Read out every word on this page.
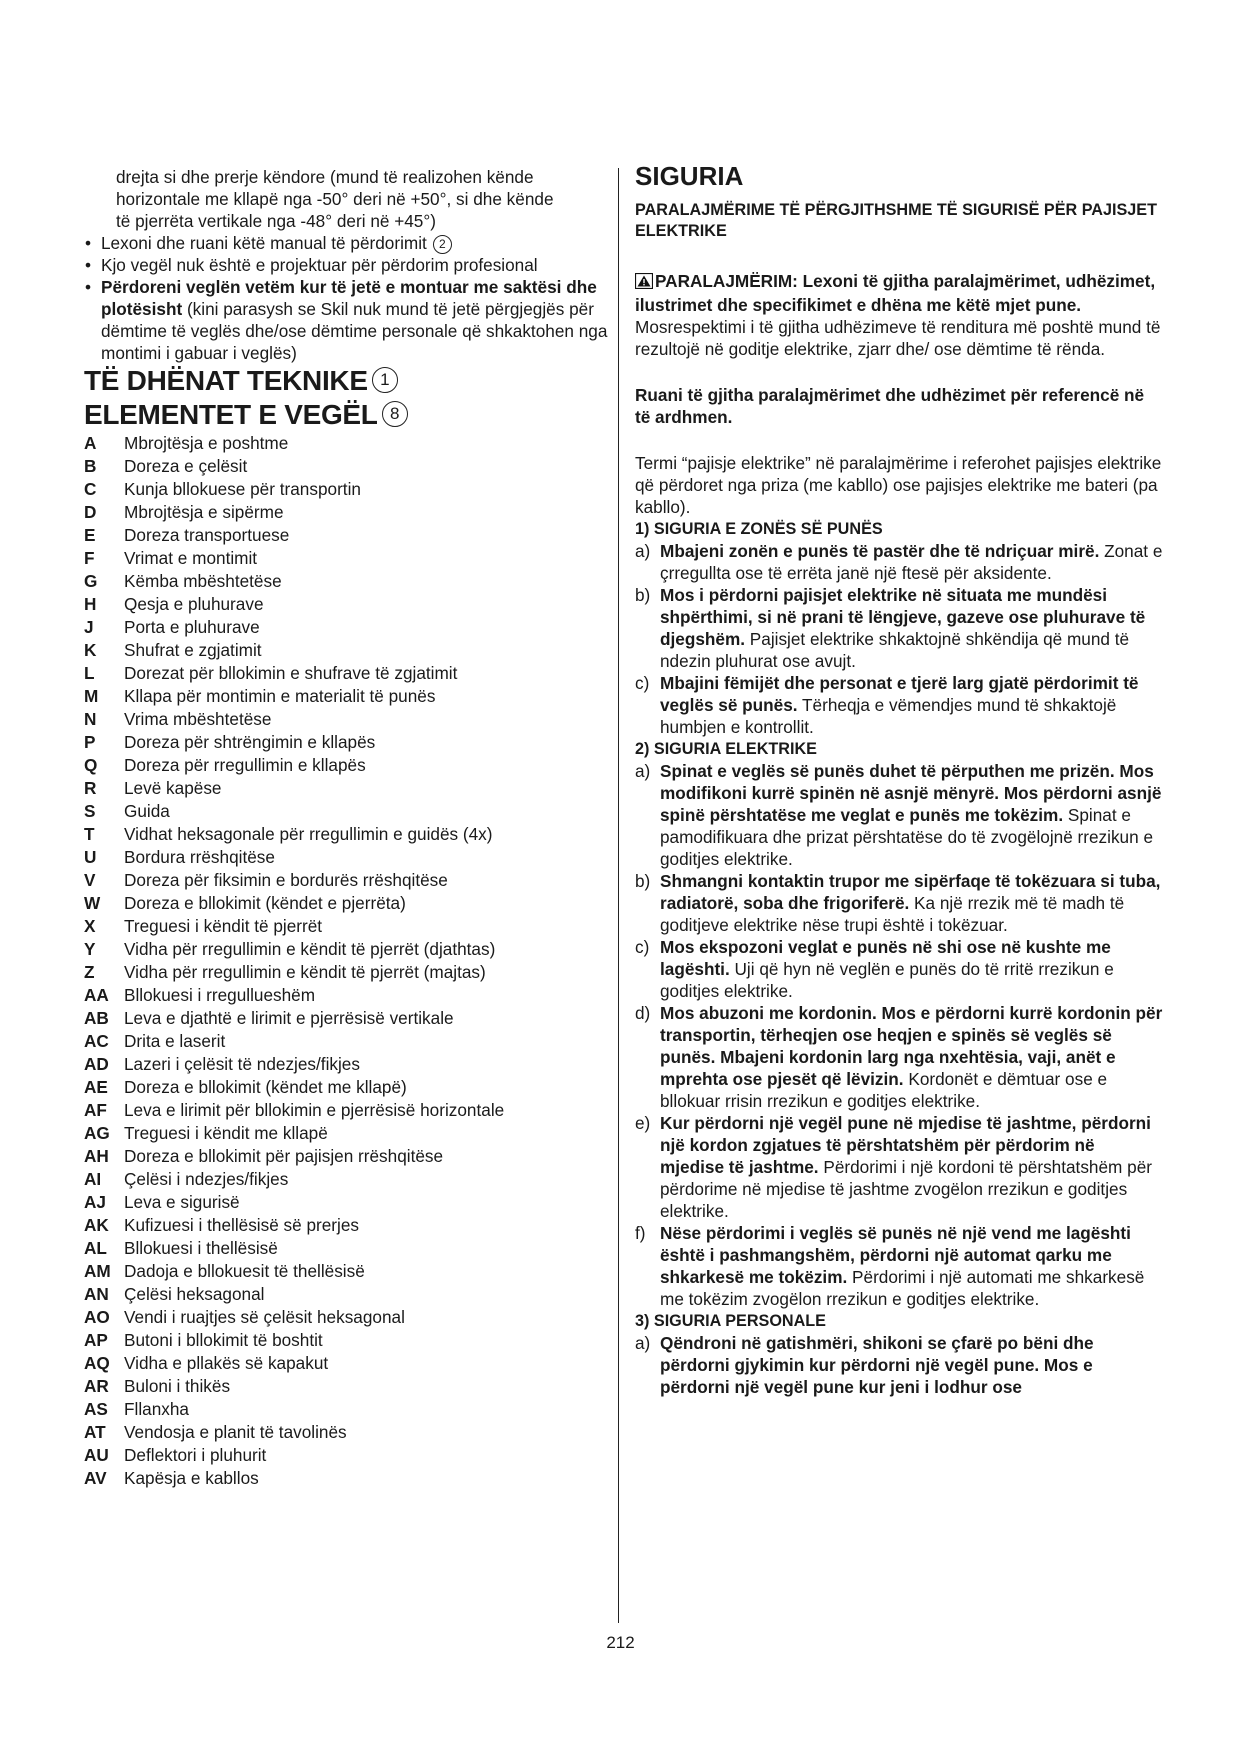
drejta si dhe prerje këndore (mund të realizohen kënde
horizontale me kllapë nga -50° deri në +50°, si dhe kënde
të pjerrëta vertikale nga -48° deri në +45°)
• Lexoni dhe ruani këtë manual të përdorimit 2
• Kjo vegël nuk është e projektuar për përdorim profesional
• Përdoreni veglën vetëm kur të jetë e montuar me saktësi dhe plotësisht (kini parasysh se Skil nuk mund të jetë përgjegjës për dëmtime të veglës dhe/ose dëmtime personale që shkaktohen nga montimi i gabuar i veglës)
TË DHËNAT TEKNIKE 1
ELEMENTET E VEGËL 8
A	Mbrojtësja e poshtme
B	Doreza e çelësit
C	Kunja bllokuese për transportin
D	Mbrojtësja e sipërme
E	Doreza transportuese
F	Vrimat e montimit
G	Këmba mbështetëse
H	Qesja e pluhurave
J	Porta e pluhurave
K	Shufrat e zgjatimit
L	Dorezat për bllokimin e shufrave të zgjatimit
M	Kllapa për montimin e materialit të punës
N	Vrima mbështetëse
P	Doreza për shtrëngimin e kllapës
Q	Doreza për rregullimin e kllapës
R	Levë kapëse
S	Guida
T	Vidhat heksagonale për rregullimin e guidës (4x)
U	Bordura rrëshqitëse
V	Doreza për fiksimin e bordurës rrëshqitëse
W	Doreza e bllokimit (këndet e pjerrëta)
X	Treguesi i këndit të pjerrët
Y	Vidha për rregullimin e këndit të pjerrët (djathtas)
Z	Vidha për rregullimin e këndit të pjerrët (majtas)
AA	Bllokuesi i rregullueshëm
AB	Leva e djathtë e lirimit e pjerrësisë vertikale
AC	Drita e laserit
AD	Lazeri i çelësit të ndezjes/fikjes
AE	Doreza e bllokimit (këndet me kllapë)
AF	Leva e lirimit për bllokimin e pjerrësisë horizontale
AG	Treguesi i këndit me kllapë
AH	Doreza e bllokimit për pajisjen rrëshqitëse
AI	Çelësi i ndezjes/fikjes
AJ	Leva e sigurisë
AK	Kufizuesi i thellësisë së prerjes
AL	Bllokuesi i thellësisë
AM	Dadoja e bllokuesit të thellësisë
AN	Çelësi heksagonal
AO	Vendi i ruajtjes së çelësit heksagonal
AP	Butoni i bllokimit të boshtit
AQ	Vidha e pllakës së kapakut
AR	Buloni i thikës
AS	Fllanxha
AT	Vendosja e planit të tavolinës
AU	Deflektori i pluhurit
AV	Kapësja e kabllos
SIGURIA
PARALAJMËRIME TË PËRGJITHSHME TË SIGURISË PËR PAJISJET ELEKTRIKE
PARALAJMËRIM: Lexoni të gjitha paralajmërimet, udhëzimet, ilustrimet dhe specifikimet e dhëna me këtë mjet pune. Mosrespektimi i të gjitha udhëzimeve të renditura më poshtë mund të rezultojë në goditje elektrike, zjarr dhe/ ose dëmtime të rënda.
Ruani të gjitha paralajmërimet dhe udhëzimet për referencë në të ardhmen.
Termi “pajisje elektrike” në paralajmërime i referohet pajisjes elektrike që përdoret nga priza (me kabllo) ose pajisjes elektrike me bateri (pa kabllo).
1) SIGURIA E ZONËS SË PUNËS
a) Mbajeni zonën e punës të pastër dhe të ndriçuar mirë. Zonat e çrregullta ose të errëta janë një ftesë për aksidente.
b) Mos i përdorni pajisjet elektrike në situata me mundësi shpërthimi, si në prani të lëngjeve, gazeve ose pluhurave të djegshëm. Pajisjet elektrike shkaktojnë shkëndija që mund të ndezin pluhurat ose avujt.
c) Mbajini fëmijët dhe personat e tjerë larg gjatë përdorimit të veglës së punës. Tërheqja e vëmendjes mund të shkaktojë humbjen e kontrollit.
2) SIGURIA ELEKTRIKE
a) Spinat e veglës së punës duhet të përputhen me prizën. Mos modifikoni kurrë spinën në asnjë mënyrë. Mos përdorni asnjë spinë përshtatëse me veglat e punës me tokëzim. Spinat e pamodifikuara dhe prizat përshtatëse do të zvogëlojnë rrezikun e goditjes elektrike.
b) Shmangni kontaktin trupor me sipërfaqe të tokëzuara si tuba, radiatorë, soba dhe frigoriferë. Ka një rrezik më të madh të goditjeve elektrike nëse trupi është i tokëzuar.
c) Mos ekspozoni veglat e punës në shi ose në kushte me lagështi. Uji që hyn në veglën e punës do të rritë rrezikun e goditjes elektrike.
d) Mos abuzoni me kordonin. Mos e përdorni kurrë kordonin për transportin, tërheqjen ose heqjen e spinës së veglës së punës. Mbajeni kordonin larg nga nxehtësia, vaji, anët e mprehta ose pjesët që lëvizin. Kordonët e dëmtuar ose e bllokuar rrisin rrezikun e goditjes elektrike.
e) Kur përdorni një vegël pune në mjedise të jashtme, përdorni një kordon zgjatues të përshtatshëm për përdorim në mjedise të jashtme. Përdorimi i një kordoni të përshtatshëm për përdorime në mjedise të jashtme zvogëlon rrezikun e goditjes elektrike.
f) Nëse përdorimi i veglës së punës në një vend me lagështi është i pashmangshëm, përdorni një automat qarku me shkarkesë me tokëzim. Përdorimi i një automati me shkarkesë me tokëzim zvogëlon rrezikun e goditjes elektrike.
3) SIGURIA PERSONALE
a) Qëndroni në gatishmëri, shikoni se çfarë po bëni dhe përdorni gjykimin kur përdorni një vegël pune. Mos e përdorni një vegël pune kur jeni i lodhur ose
212
